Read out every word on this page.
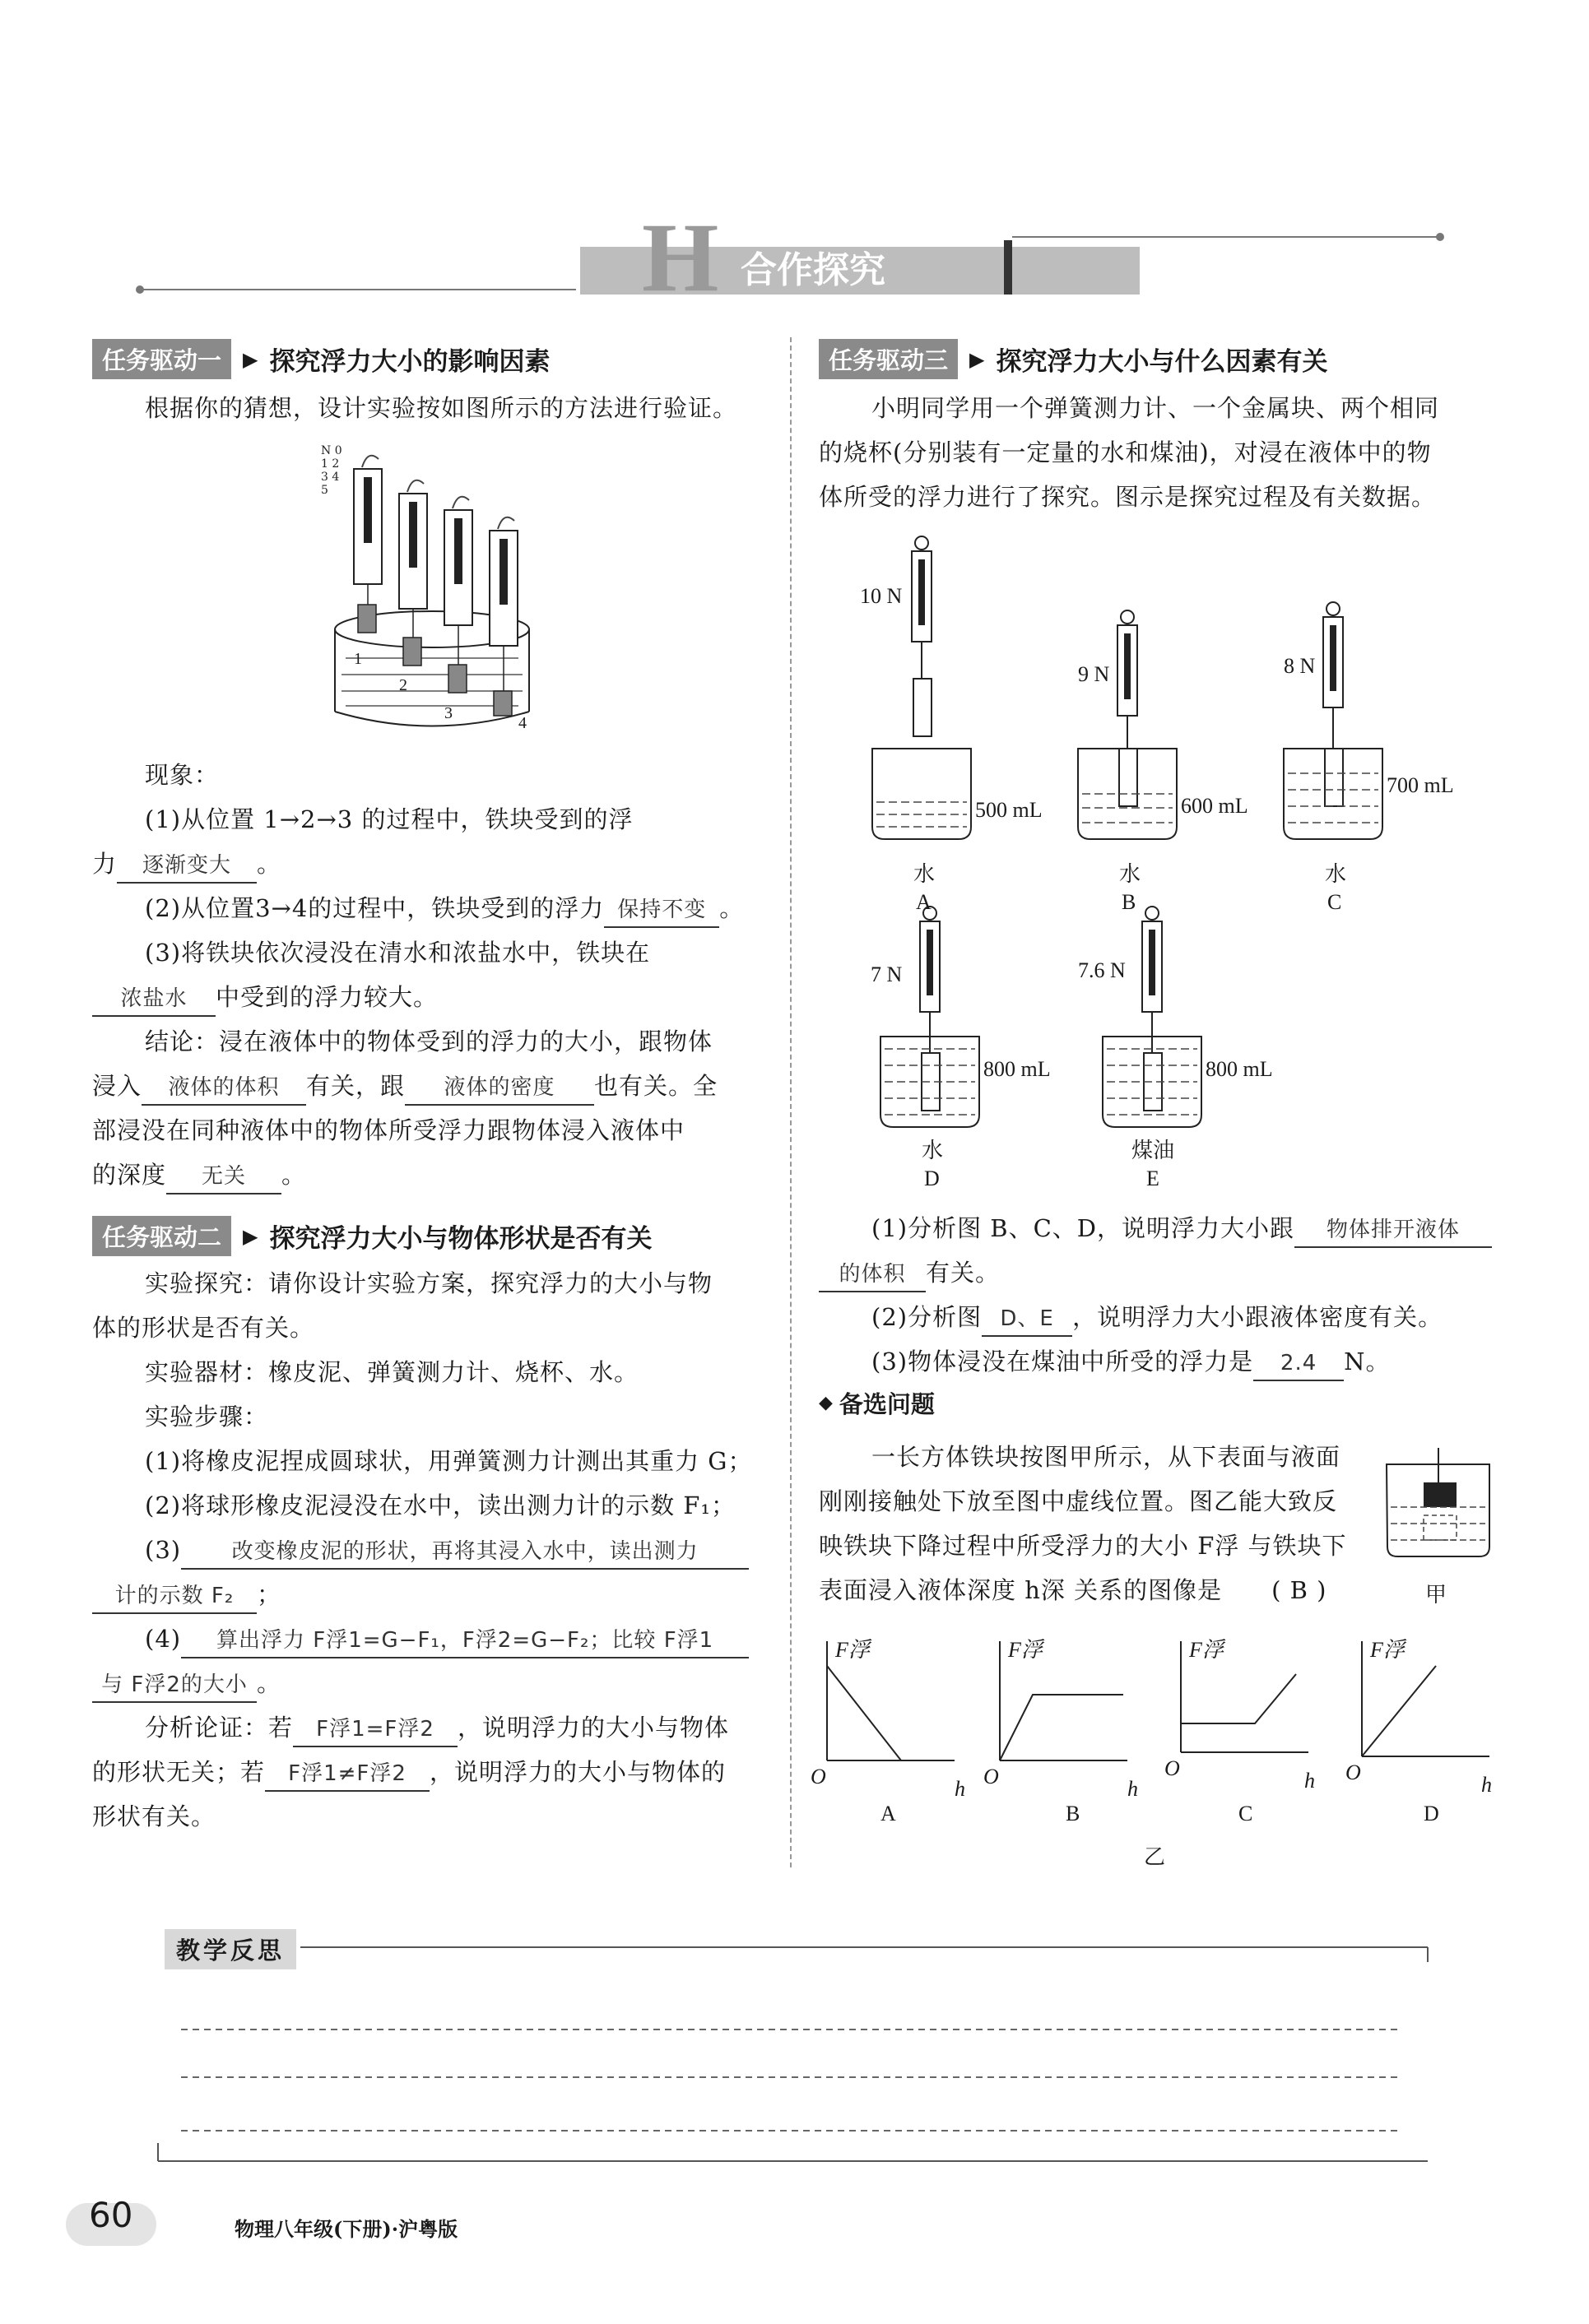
H 合作探究
任务驱动一	▶ 探究浮力大小的影响因素
根据你的猜想，设计实验按如图所示的方法进行验证。
1
2
3
4
N 0 1 2 3 4 5
现象：
(1)从位置 1→2→3 的过程中，铁块受到的浮
力 逐渐变大 。
(2)从位置3→4的过程中，铁块受到的浮力 保持不变 。
(3)将铁块依次浸没在清水和浓盐水中，铁块在
浓盐水 中受到的浮力较大。
结论：浸在液体中的物体受到的浮力的大小，跟物体
浸入 液体的体积 有关，跟 液体的密度 也有关。全
部浸没在同种液体中的物体所受浮力跟物体浸入液体中
的深度 无关 。
任务驱动二	▶ 探究浮力大小与物体形状是否有关
实验探究：请你设计实验方案，探究浮力的大小与物
体的形状是否有关。
实验器材：橡皮泥、弹簧测力计、烧杯、水。
实验步骤：
(1)将橡皮泥捏成圆球状，用弹簧测力计测出其重力 G；
(2)将球形橡皮泥浸没在水中，读出测力计的示数 F₁；
(3) 改变橡皮泥的形状，再将其浸入水中，读出测力
计的示数 F₂ ；
(4) 算出浮力 F浮1=G−F₁，F浮2=G−F₂；比较 F浮1
与 F浮2的大小 。
分析论证：若 F浮1=F浮2 ，说明浮力的大小与物体
的形状无关；若 F浮1≠F浮2 ，说明浮力的大小与物体的
形状有关。
任务驱动三	▶ 探究浮力大小与什么因素有关
小明同学用一个弹簧测力计、一个金属块、两个相同
的烧杯(分别装有一定量的水和煤油)，对浸在液体中的物
体所受的浮力进行了探究。图示是探究过程及有关数据。
10 N
500 mL
水
A
9 N
600 mL
水
B
8 N
700 mL
水
C
7 N
800 mL
水
D
7.6 N
800 mL
煤油
E
(1)分析图 B、C、D，说明浮力大小跟 物体排开液体
的体积 有关。
(2)分析图 D、E ，说明浮力大小跟液体密度有关。
(3)物体浸没在煤油中所受的浮力是 2.4 N。
◆ 备选问题
一长方体铁块按图甲所示，从下表面与液面
刚刚接触处下放至图中虚线位置。图乙能大致反
映铁块下降过程中所受浮力的大小 F浮 与铁块下
表面浸入液体深度 h深 关系的图像是 ( B )	甲
F浮
O
h
A
F浮
O
h
B
F浮
O
h
C
F浮
O
h
D
乙
教学反思
60	物理八年级(下册)·沪粤版
